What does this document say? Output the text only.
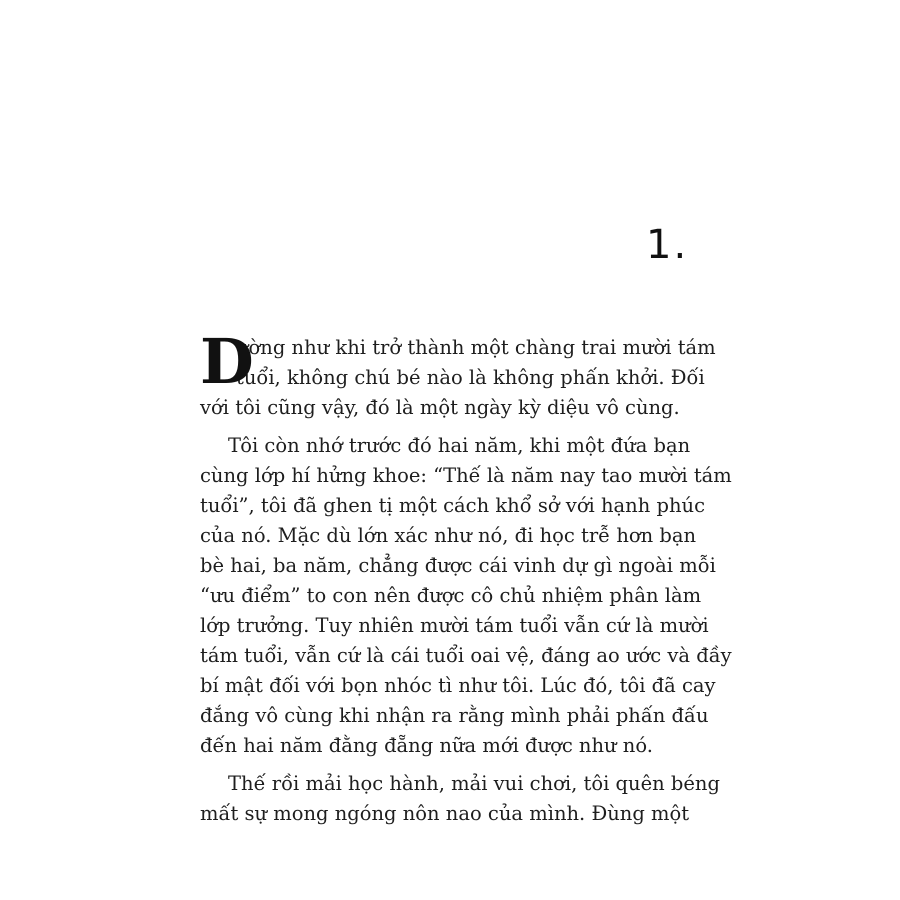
1.
D
ường như khi trở thành một chàng trai mười tám
tuổi, không chú bé nào là không phấn khởi. Đối
với tôi cũng vậy, đó là một ngày kỳ diệu vô cùng.
Tôi còn nhớ trước đó hai năm, khi một đứa bạn
cùng lớp hí hửng khoe: “Thế là năm nay tao mười tám
tuổi”, tôi đã ghen tị một cách khổ sở với hạnh phúc
của nó. Mặc dù lớn xác như nó, đi học trễ hơn bạn
bè hai, ba năm, chẳng được cái vinh dự gì ngoài mỗi
“ưu điểm” to con nên được cô chủ nhiệm phân làm
lớp trưởng. Tuy nhiên mười tám tuổi vẫn cứ là mười
tám tuổi, vẫn cứ là cái tuổi oai vệ, đáng ao ước và đầy
bí mật đối với bọn nhóc tì như tôi. Lúc đó, tôi đã cay
đắng vô cùng khi nhận ra rằng mình phải phấn đấu
đến hai năm đằng đẵng nữa mới được như nó.
Thế rồi mải học hành, mải vui chơi, tôi quên béng
mất sự mong ngóng nôn nao của mình. Đùng một
